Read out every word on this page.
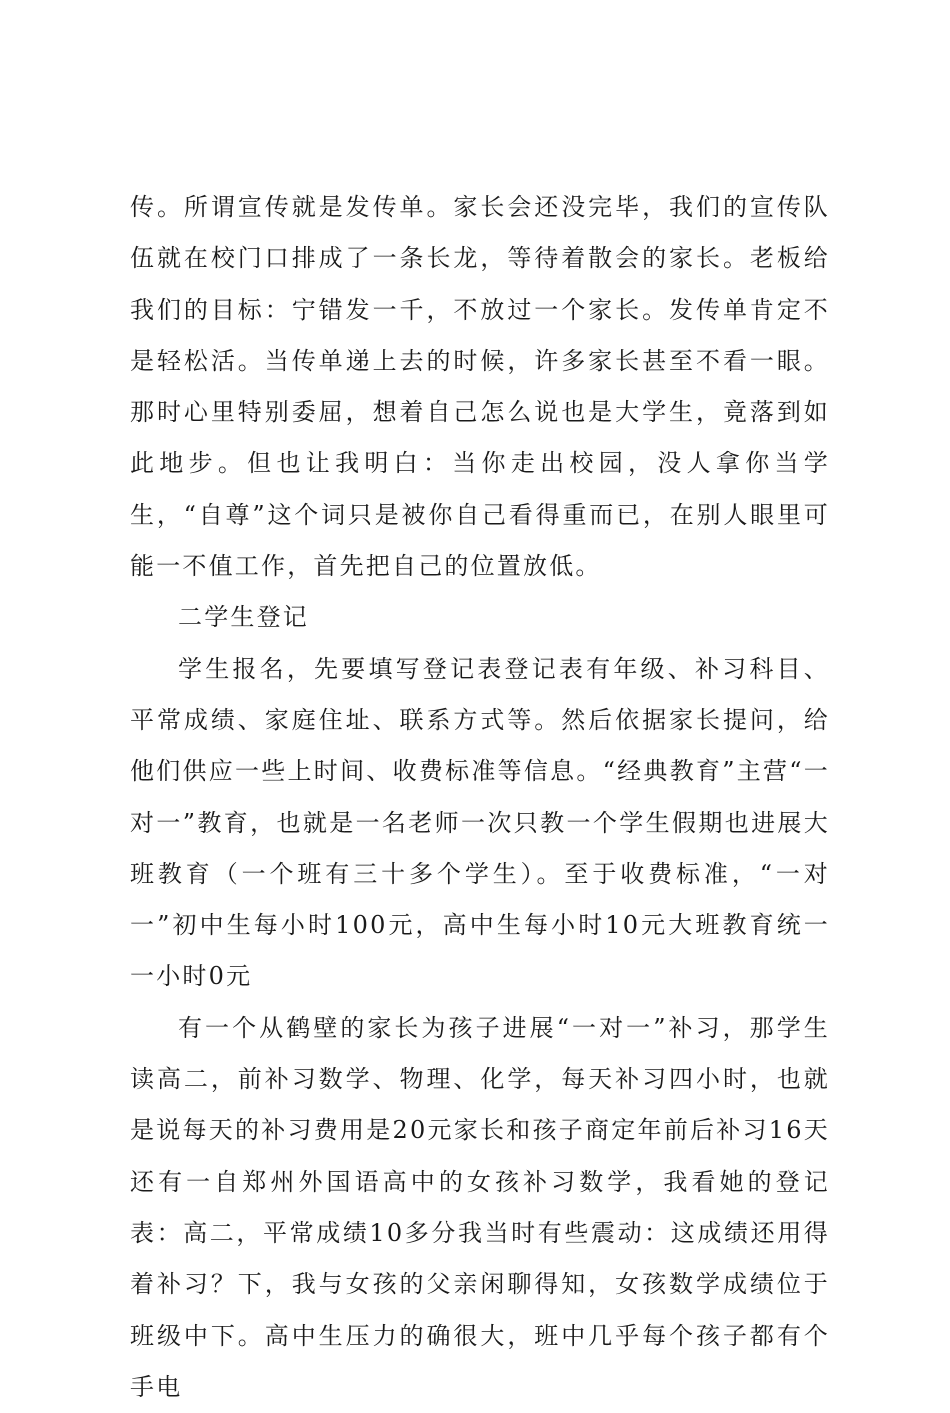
传。所谓宣传就是发传单。家长会还没完毕，我们的宣传队伍就在校门口排成了一条长龙，等待着散会的家长。老板给我们的目标：宁错发一千，不放过一个家长。发传单肯定不是轻松活。当传单递上去的时候，许多家长甚至不看一眼。那时心里特别委屈，想着自己怎么说也是大学生，竟落到如此地步。但也让我明白：当你走出校园，没人拿你当学生，“自尊”这个词只是被你自己看得重而已，在别人眼里可能一不值工作，首先把自己的位置放低。

二学生登记

学生报名，先要填写登记表登记表有年级、补习科目、平常成绩、家庭住址、联系方式等。然后依据家长提问，给他们供应一些上时间、收费标准等信息。“经典教育”主营“一对一”教育，也就是一名老师一次只教一个学生假期也进展大班教育（一个班有三十多个学生）。至于收费标准，“一对一”初中生每小时100元，高中生每小时10元大班教育统一一小时0元

有一个从鹤壁的家长为孩子进展“一对一”补习，那学生读高二，前补习数学、物理、化学，每天补习四小时，也就是说每天的补习费用是20元家长和孩子商定年前后补习16天还有一自郑州外国语高中的女孩补习数学，我看她的登记表：高二，平常成绩10多分我当时有些震动：这成绩还用得着补习？下，我与女孩的父亲闲聊得知，女孩数学成绩位于班级中下。高中生压力的确很大，班中几乎每个孩子都有个手电
